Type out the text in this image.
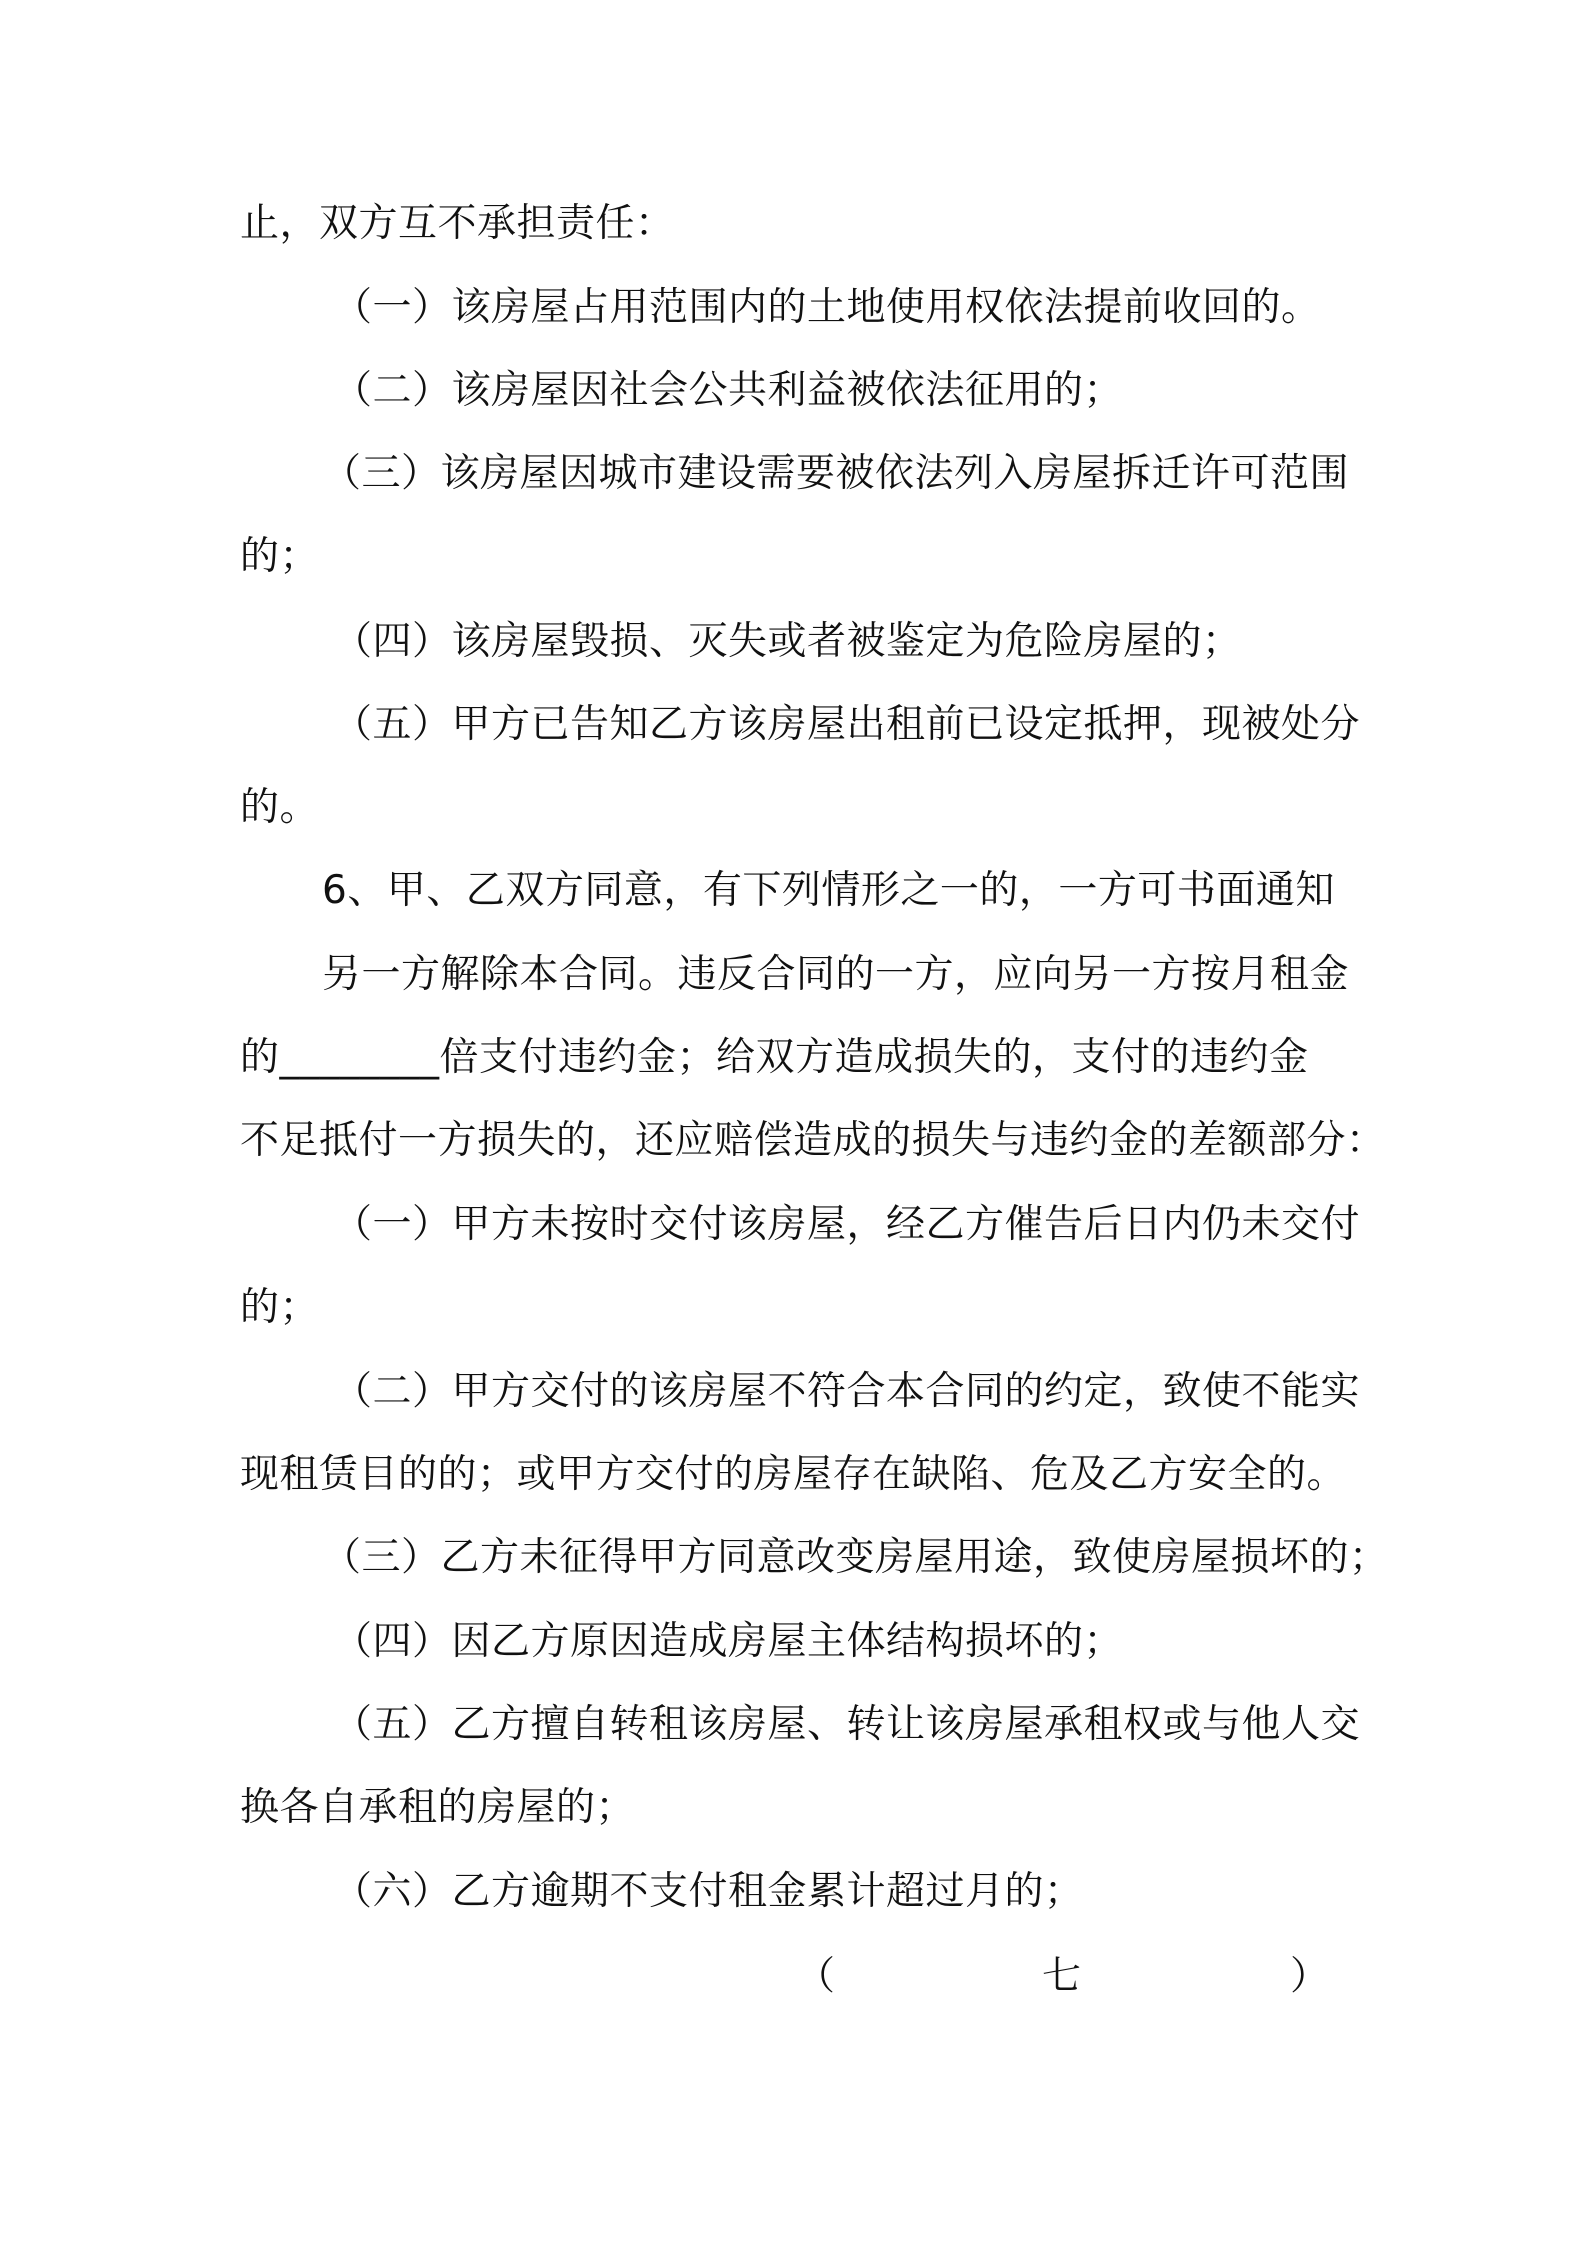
止，双方互不承担责任：
（一）该房屋占用范围内的土地使用权依法提前收回的。
（二）该房屋因社会公共利益被依法征用的；
（三）该房屋因城市建设需要被依法列入房屋拆迁许可范围
的；
（四）该房屋毁损、灭失或者被鉴定为危险房屋的；
（五）甲方已告知乙方该房屋出租前已设定抵押，现被处分
的。
6、甲、乙双方同意，有下列情形之一的，一方可书面通知
另一方解除本合同。违反合同的一方，应向另一方按月租金
的________倍支付违约金；给双方造成损失的，支付的违约金
不足抵付一方损失的，还应赔偿造成的损失与违约金的差额部分：
（一）甲方未按时交付该房屋，经乙方催告后日内仍未交付
的；
（二）甲方交付的该房屋不符合本合同的约定，致使不能实
现租赁目的的；或甲方交付的房屋存在缺陷、危及乙方安全的。
（三）乙方未征得甲方同意改变房屋用途，致使房屋损坏的；
（四）因乙方原因造成房屋主体结构损坏的；
（五）乙方擅自转租该房屋、转让该房屋承租权或与他人交
换各自承租的房屋的；
（六）乙方逾期不支付租金累计超过月的；
（	七	）
